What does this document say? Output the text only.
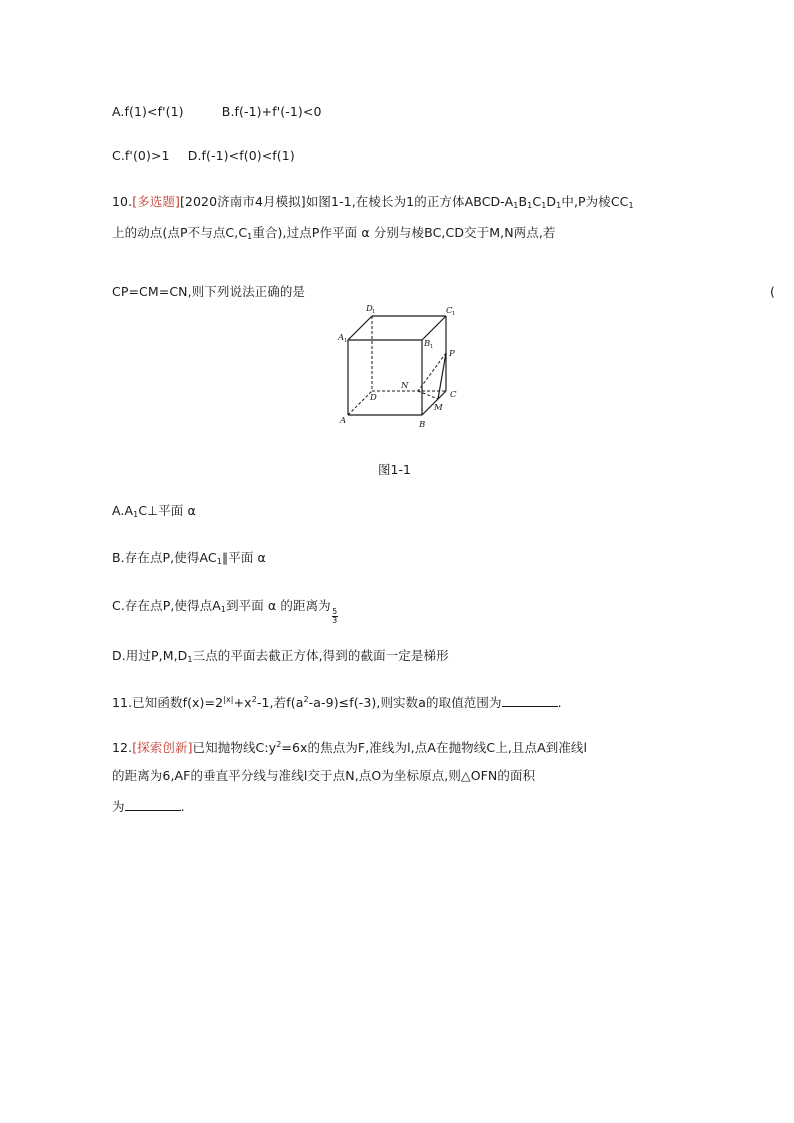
A.f(1)<f'(1)	B.f(-1)+f'(-1)<0
C.f'(0)>1 D.f(-1)<f(0)<f(1)
10.[多选题][2020济南市4月模拟]如图1-1,在棱长为1的正方体ABCD-$A_1B_1C_1D_1$中,P为棱$CC_1$
上的动点(点P不与点$C,C_1$重合),过点P作平面 α 分别与棱BC,CD交于M,N两点,若
CP=CM=CN,则下列说法正确的是	(
D 1	C 1
A 1	B 1
P
N
D	C
M
A	B
图1-1
$A.A_1C\perp$平面 α
B.存在点P,使得$AC_1\parallel$平面 α
C.存在点P,使得点$A_1$到平面 α 的距离为
$\frac{5}{3}$
D.用过$P,M,D_1$三点的平面去截正方体,得到的截面一定是梯形
11.已知函数$f(x)=2^{|x|}+x^2-1$,若$f(a^2-a-9)\le f(-3)$,则实数a的取值范围为	.
12.[探索创新]已知抛物线$C:y^2=6x$的焦点为F,准线为l,点A在抛物线C上,且点A到准线l
的距离为6,AF的垂直平分线与准线l交于点N,点O为坐标原点,则△OFN的面积
为	.
